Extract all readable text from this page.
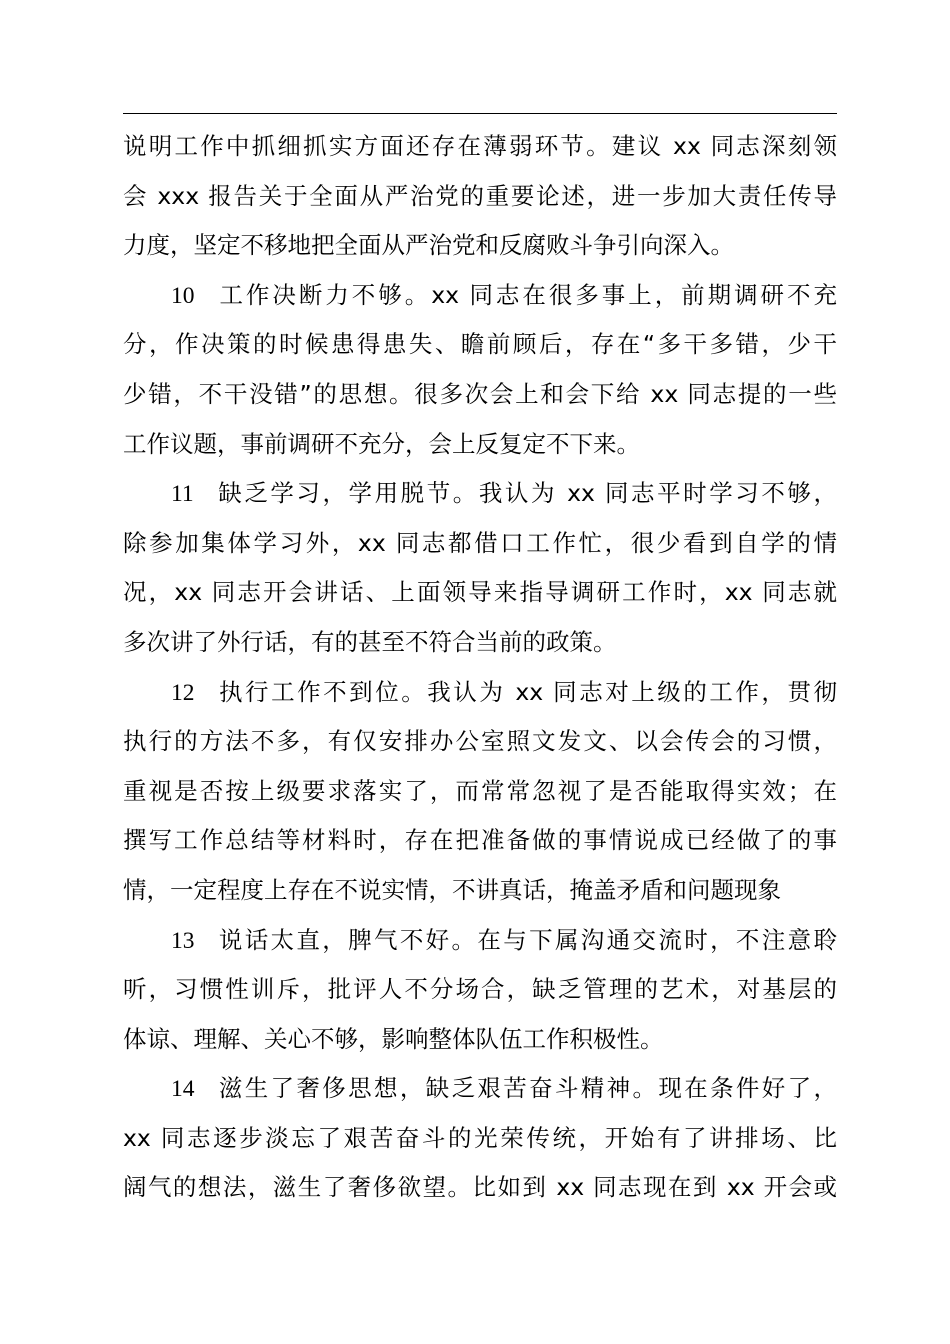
说明工作中抓细抓实方面还存在薄弱环节。建议 xx 同志深刻领
会 xxx 报告关于全面从严治党的重要论述，进一步加大责任传导
力度，坚定不移地把全面从严治党和反腐败斗争引向深入。
10 工作决断力不够。xx 同志在很多事上，前期调研不充
分，作决策的时候患得患失、瞻前顾后，存在“多干多错，少干
少错，不干没错”的思想。很多次会上和会下给 xx 同志提的一些
工作议题，事前调研不充分，会上反复定不下来。
11 缺乏学习，学用脱节。我认为 xx 同志平时学习不够，
除参加集体学习外，xx 同志都借口工作忙，很少看到自学的情
况，xx 同志开会讲话、上面领导来指导调研工作时，xx 同志就
多次讲了外行话，有的甚至不符合当前的政策。
12 执行工作不到位。我认为 xx 同志对上级的工作，贯彻
执行的方法不多，有仅安排办公室照文发文、以会传会的习惯，
重视是否按上级要求落实了，而常常忽视了是否能取得实效；在
撰写工作总结等材料时，存在把准备做的事情说成已经做了的事
情，一定程度上存在不说实情，不讲真话，掩盖矛盾和问题现象
13 说话太直，脾气不好。在与下属沟通交流时，不注意聆
听，习惯性训斥，批评人不分场合，缺乏管理的艺术，对基层的
体谅、理解、关心不够，影响整体队伍工作积极性。
14 滋生了奢侈思想，缺乏艰苦奋斗精神。现在条件好了，
xx 同志逐步淡忘了艰苦奋斗的光荣传统，开始有了讲排场、比
阔气的想法，滋生了奢侈欲望。比如到 xx 同志现在到 xx 开会或
